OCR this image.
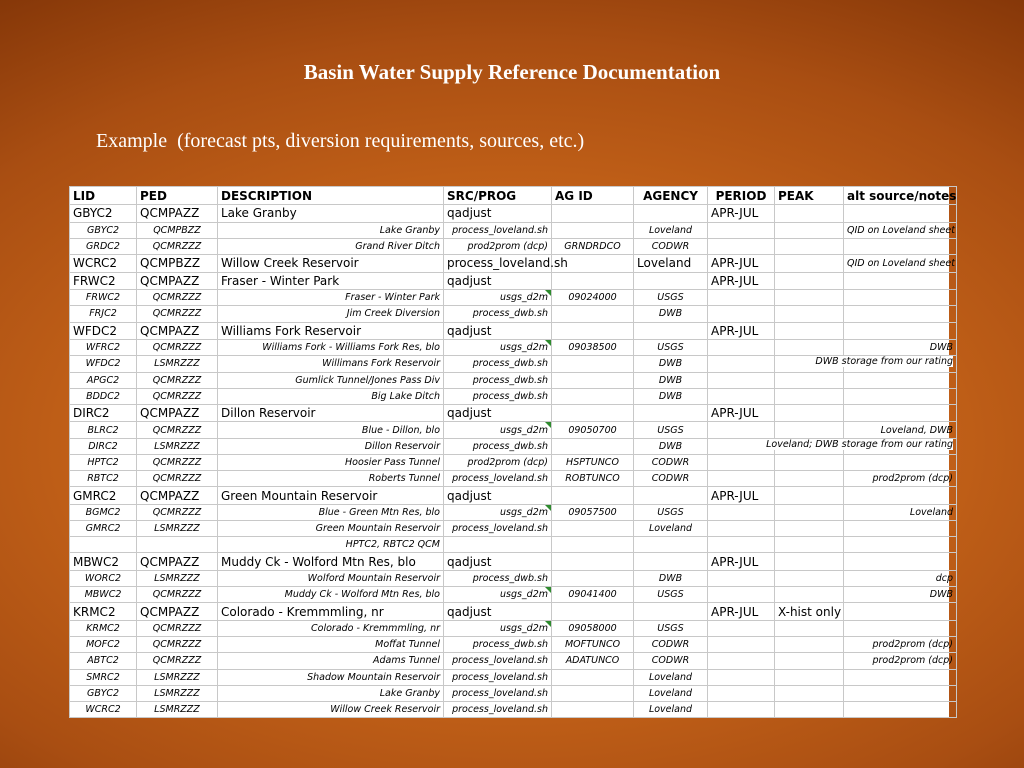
Basin Water Supply Reference Documentation
Example  (forecast pts, diversion requirements, sources, etc.)
LID	PED	DESCRIPTION	SRC/PROG	AG ID	AGENCY	PERIOD	PEAK	alt source/notes
GBYC2	QCMPAZZ	Lake Granby	qadjust			APR-JUL		
GBYC2	QCMPBZZ	Lake Granby	process_loveland.sh		Loveland			QID on Loveland sheet
GRDC2	QCMRZZZ	Grand River Ditch	prod2prom (dcp)	GRNDRDCO	CODWR			
WCRC2	QCMPBZZ	Willow Creek Reservoir	process_loveland.sh		Loveland	APR-JUL		QID on Loveland sheet
FRWC2	QCMPAZZ	Fraser - Winter Park	qadjust			APR-JUL		
FRWC2	QCMRZZZ	Fraser - Winter Park	usgs_d2m	09024000	USGS			
FRJC2	QCMRZZZ	Jim Creek Diversion	process_dwb.sh		DWB			
WFDC2	QCMPAZZ	Williams Fork Reservoir	qadjust			APR-JUL		
WFRC2	QCMRZZZ	Williams Fork - Williams Fork Res, blo	usgs_d2m	09038500	USGS			DWB
WFDC2	LSMRZZZ	Willimans Fork Reservoir	process_dwb.sh		DWB			DWB storage from our rating

APGC2	QCMRZZZ	Gumlick Tunnel/Jones Pass Div	process_dwb.sh		DWB			
BDDC2	QCMRZZZ	Big Lake Ditch	process_dwb.sh		DWB			
DIRC2	QCMPAZZ	Dillon Reservoir	qadjust			APR-JUL		
BLRC2	QCMRZZZ	Blue - Dillon, blo	usgs_d2m	09050700	USGS			Loveland, DWB
DIRC2	LSMRZZZ	Dillon Reservoir	process_dwb.sh		DWB			Loveland; DWB storage from our rating

HPTC2	QCMRZZZ	Hoosier Pass Tunnel	prod2prom (dcp)	HSPTUNCO	CODWR			
RBTC2	QCMRZZZ	Roberts Tunnel	process_loveland.sh	ROBTUNCO	CODWR			prod2prom (dcp)
GMRC2	QCMPAZZ	Green Mountain Reservoir	qadjust			APR-JUL		
BGMC2	QCMRZZZ	Blue - Green Mtn Res, blo	usgs_d2m	09057500	USGS			Loveland
GMRC2	LSMRZZZ	Green Mountain Reservoir	process_loveland.sh		Loveland			
		HPTC2, RBTC2 QCM						
MBWC2	QCMPAZZ	Muddy Ck - Wolford Mtn Res, blo	qadjust			APR-JUL		
WORC2	LSMRZZZ	Wolford Mountain Reservoir	process_dwb.sh		DWB			dcp
MBWC2	QCMRZZZ	Muddy Ck - Wolford Mtn Res, blo	usgs_d2m	09041400	USGS			DWB
KRMC2	QCMPAZZ	Colorado - Kremmmling, nr	qadjust			APR-JUL	X-hist only	
KRMC2	QCMRZZZ	Colorado - Kremmmling, nr	usgs_d2m	09058000	USGS			
MOFC2	QCMRZZZ	Moffat Tunnel	process_dwb.sh	MOFTUNCO	CODWR			prod2prom (dcp)
ABTC2	QCMRZZZ	Adams Tunnel	process_loveland.sh	ADATUNCO	CODWR			prod2prom (dcp)
SMRC2	LSMRZZZ	Shadow Mountain Reservoir	process_loveland.sh		Loveland			
GBYC2	LSMRZZZ	Lake Granby	process_loveland.sh		Loveland			
WCRC2	LSMRZZZ	Willow Creek Reservoir	process_loveland.sh		Loveland			
